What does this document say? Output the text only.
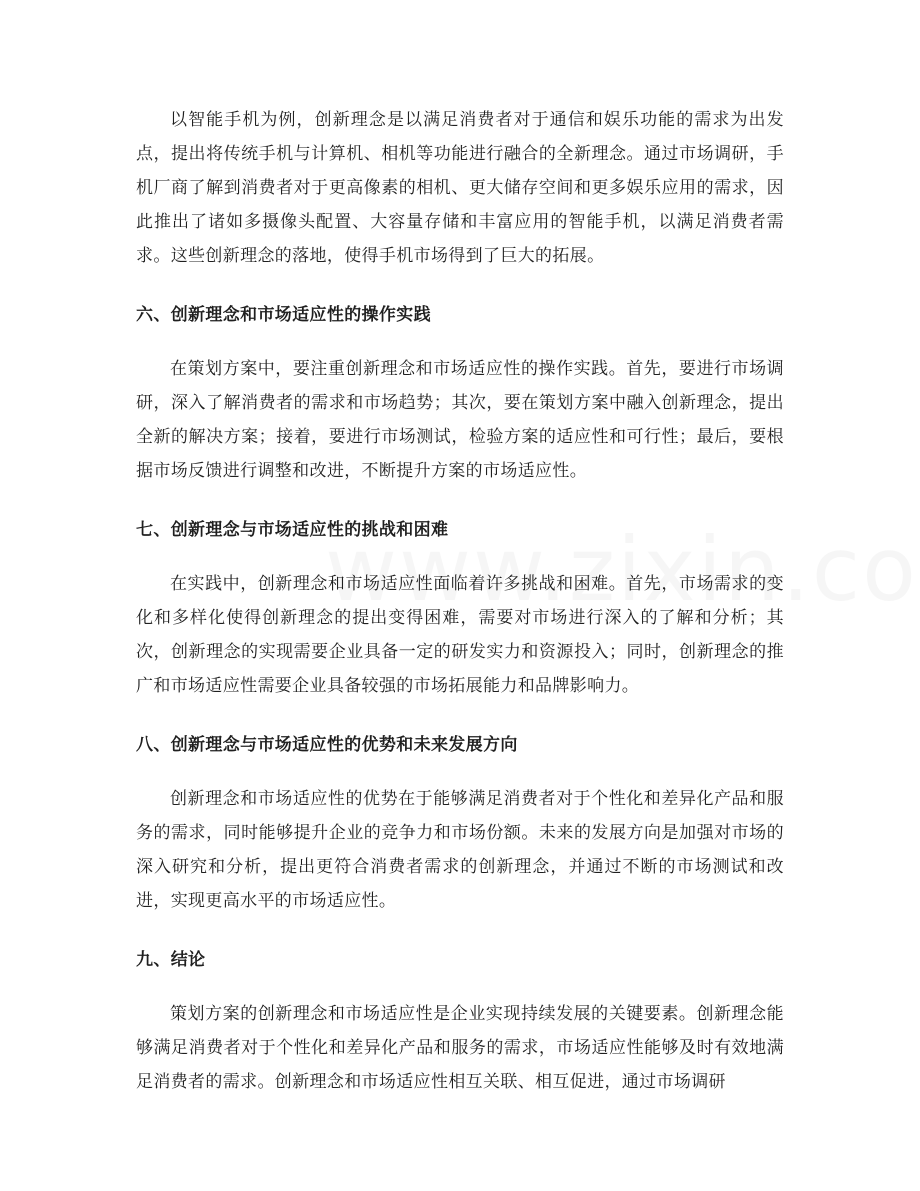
以智能手机为例，创新理念是以满足消费者对于通信和娱乐功能的需求为出发点，提出将传统手机与计算机、相机等功能进行融合的全新理念。通过市场调研，手机厂商了解到消费者对于更高像素的相机、更大储存空间和更多娱乐应用的需求，因此推出了诸如多摄像头配置、大容量存储和丰富应用的智能手机，以满足消费者需求。这些创新理念的落地，使得手机市场得到了巨大的拓展。

六、创新理念和市场适应性的操作实践

在策划方案中，要注重创新理念和市场适应性的操作实践。首先，要进行市场调研，深入了解消费者的需求和市场趋势；其次，要在策划方案中融入创新理念，提出全新的解决方案；接着，要进行市场测试，检验方案的适应性和可行性；最后，要根据市场反馈进行调整和改进，不断提升方案的市场适应性。

七、创新理念与市场适应性的挑战和困难

在实践中，创新理念和市场适应性面临着许多挑战和困难。首先，市场需求的变化和多样化使得创新理念的提出变得困难，需要对市场进行深入的了解和分析；其次，创新理念的实现需要企业具备一定的研发实力和资源投入；同时，创新理念的推广和市场适应性需要企业具备较强的市场拓展能力和品牌影响力。

八、创新理念与市场适应性的优势和未来发展方向

创新理念和市场适应性的优势在于能够满足消费者对于个性化和差异化产品和服务的需求，同时能够提升企业的竞争力和市场份额。未来的发展方向是加强对市场的深入研究和分析，提出更符合消费者需求的创新理念，并通过不断的市场测试和改进，实现更高水平的市场适应性。

九、结论

策划方案的创新理念和市场适应性是企业实现持续发展的关键要素。创新理念能够满足消费者对于个性化和差异化产品和服务的需求，市场适应性能够及时有效地满足消费者的需求。创新理念和市场适应性相互关联、相互促进，通过市场调研
